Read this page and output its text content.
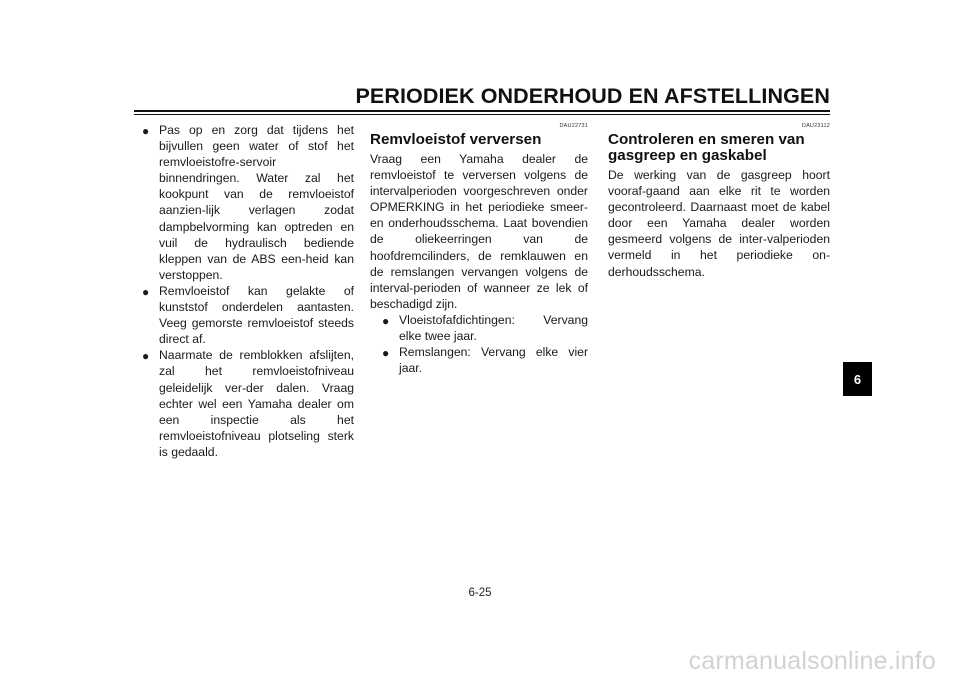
PERIODIEK ONDERHOUD EN AFSTELLINGEN

● Pas op en zorg dat tijdens het bijvullen geen water of stof het remvloeistofre-servoir binnendringen. Water zal het kookpunt van de remvloeistof aanzien-lijk verlagen zodat dampbelvorming kan optreden en vuil de hydraulisch bediende kleppen van de ABS een-heid kan verstoppen.

● Remvloeistof kan gelakte of kunststof onderdelen aantasten. Veeg gemorste remvloeistof steeds direct af.

● Naarmate de remblokken afslijten, zal het remvloeistofniveau geleidelijk ver-der dalen. Vraag echter wel een Yamaha dealer om een inspectie als het remvloeistofniveau plotseling sterk is gedaald.

DAU22731
Remvloeistof verversen

Vraag een Yamaha dealer de remvloeistof te verversen volgens de intervalperioden voorgeschreven onder OPMERKING in het periodieke smeer- en onderhoudsschema. Laat bovendien de oliekeerringen van de hoofdremcilinders, de remklauwen en de remslangen vervangen volgens de interval-perioden of wanneer ze lek of beschadigd zijn.

● Vloeistofafdichtingen: Vervang elke twee jaar.

● Remslangen: Vervang elke vier jaar.

DAU23112
Controleren en smeren van
gasgreep en gaskabel

De werking van de gasgreep hoort vooraf-gaand aan elke rit te worden gecontroleerd. Daarnaast moet de kabel door een Yamaha dealer worden gesmeerd volgens de inter-valperioden vermeld in het periodieke on-derhoudsschema.

6
6-25
carmanualsonline.info
